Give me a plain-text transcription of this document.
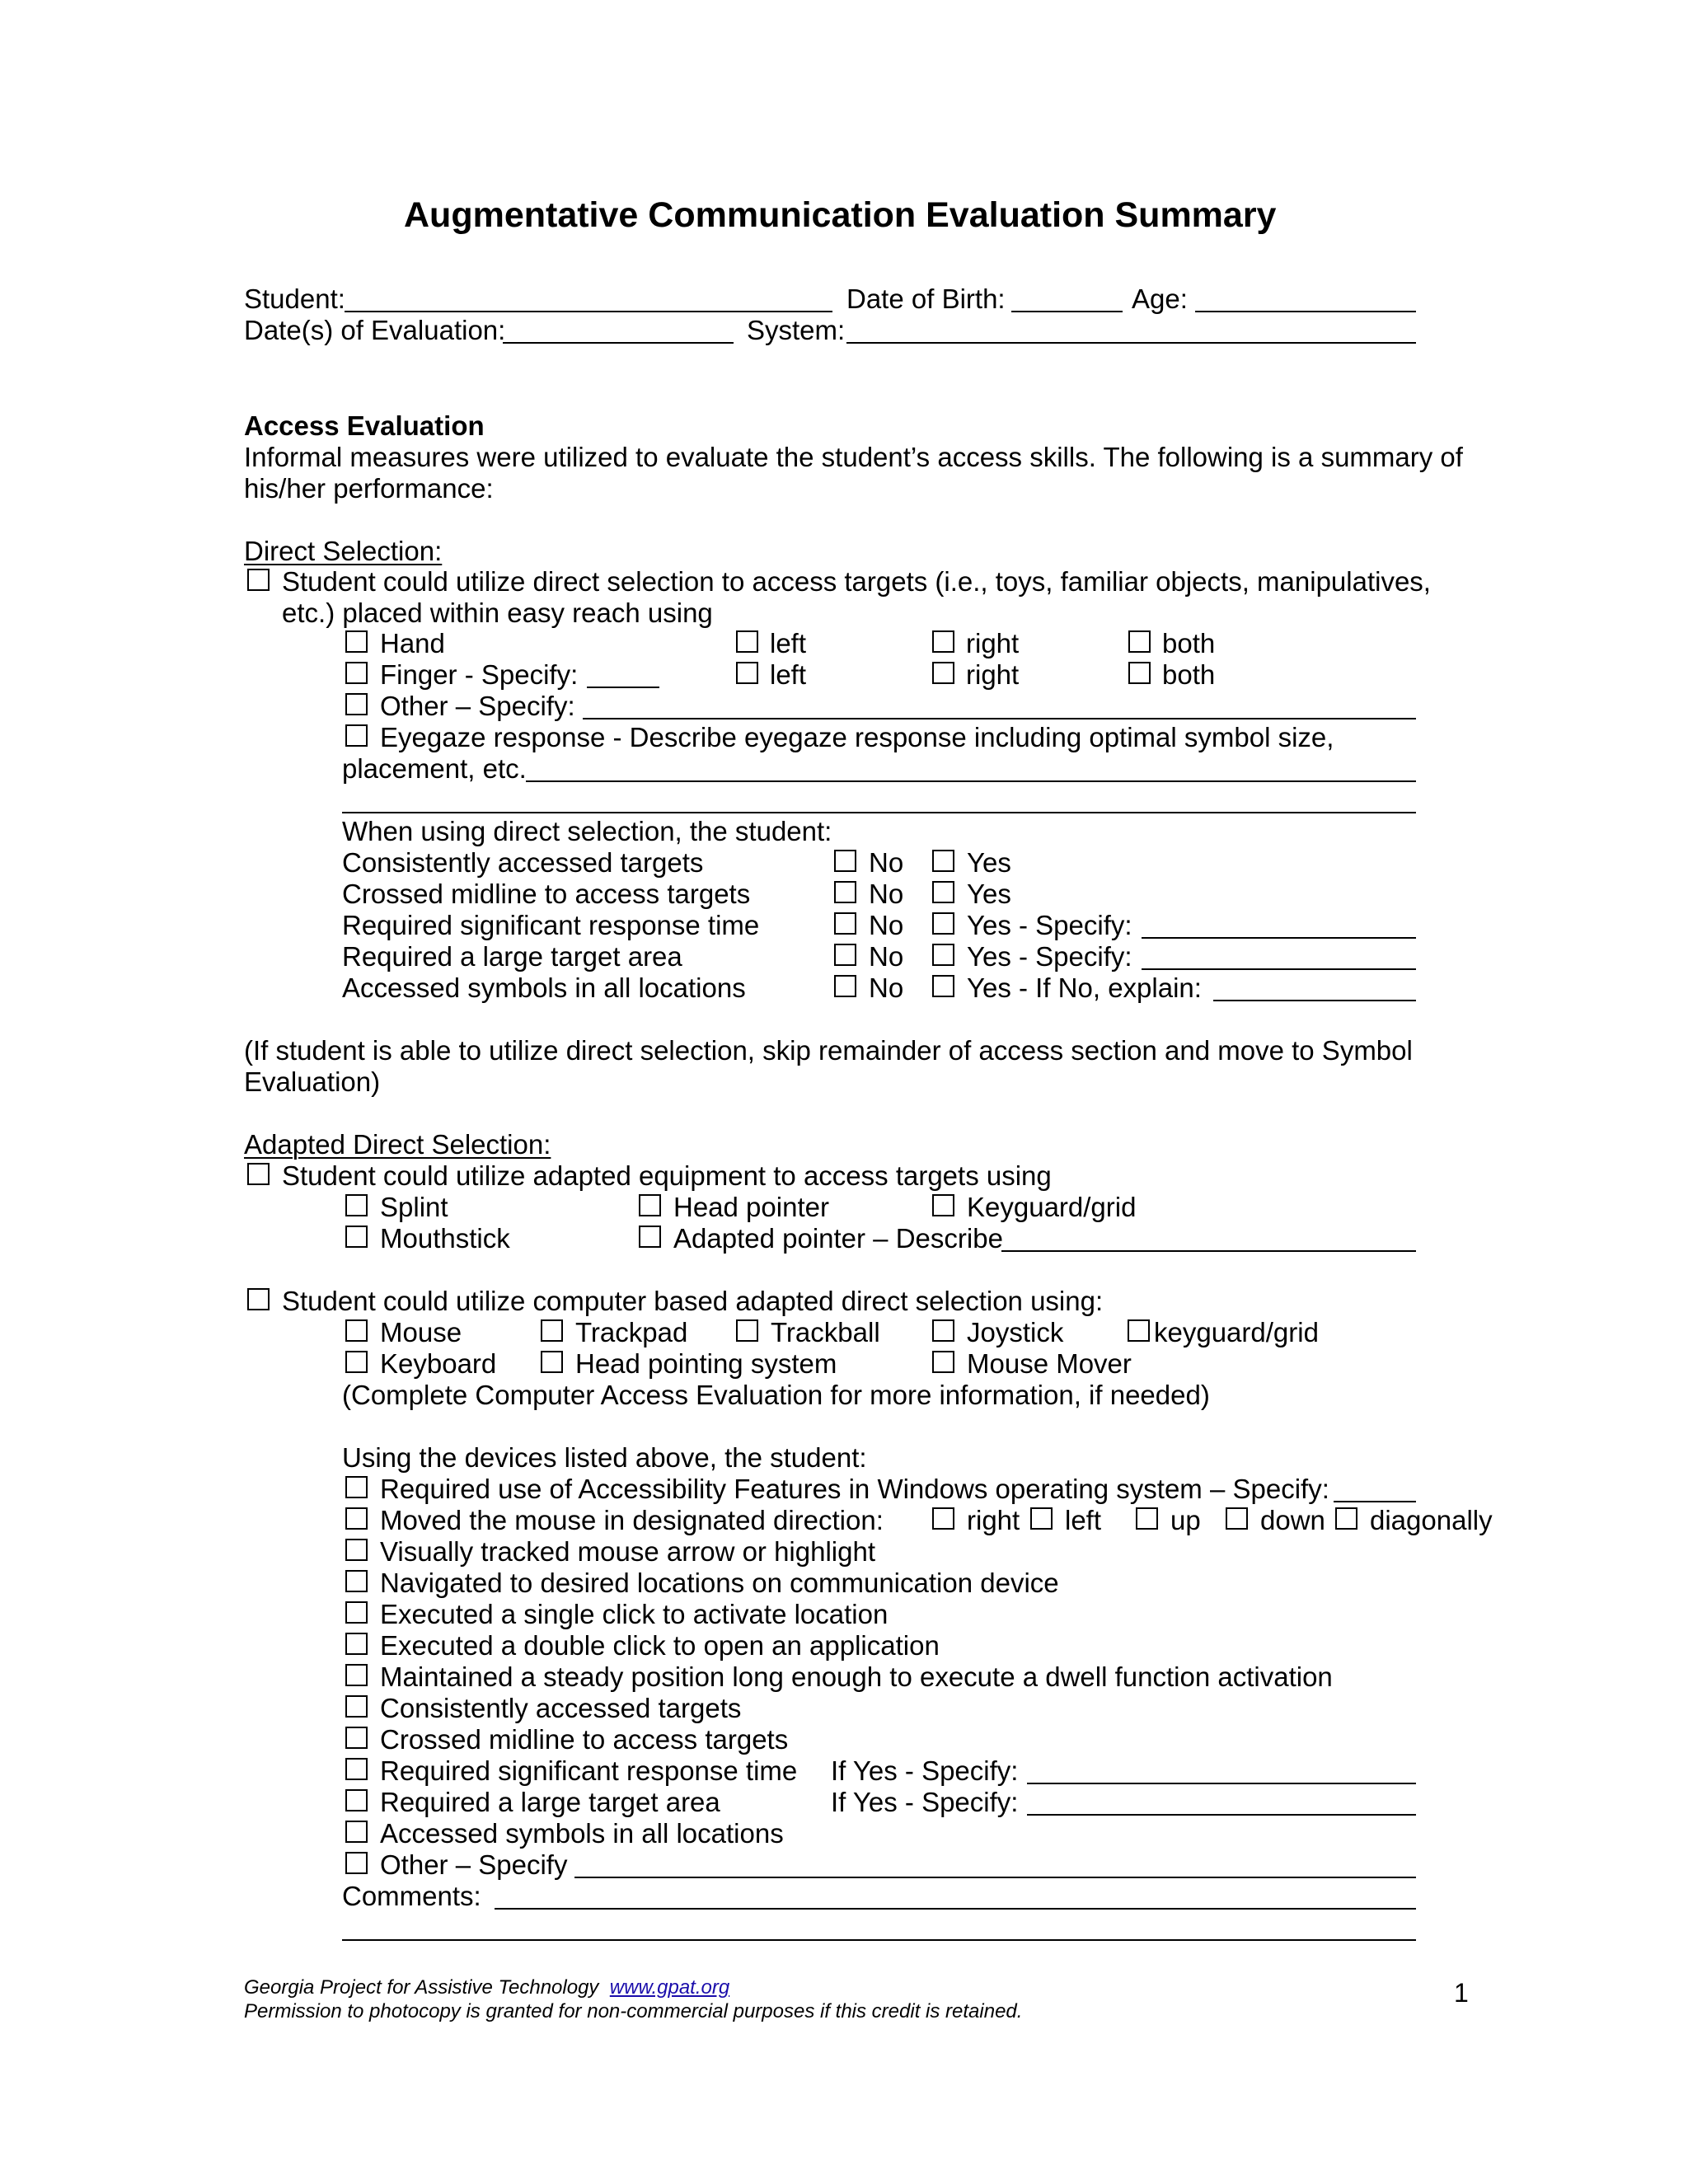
Augmentative Communication Evaluation Summary
Student:	Date of Birth:	Age:
Date(s) of Evaluation:	System:
Access Evaluation
Informal measures were utilized to evaluate the student’s access skills. The following is a summary of
his/her performance:
Direct Selection:
Student could utilize direct selection to access targets (i.e., toys, familiar objects, manipulatives,
etc.) placed within easy reach using
Hand	left	right	both
Finger - Specify:	left	right	both
Other – Specify:
Eyegaze response - Describe eyegaze response including optimal symbol size,
placement, etc.
When using direct selection, the student:
Consistently accessed targets	No Yes
Crossed midline to access targets	No Yes
Required significant response time	No Yes - Specify:
Required a large target area	No Yes - Specify:
Accessed symbols in all locations	No Yes - If No, explain:
(If student is able to utilize direct selection, skip remainder of access section and move to Symbol
Evaluation)
Adapted Direct Selection:
Student could utilize adapted equipment to access targets using
Splint	Head pointer	Keyguard/grid
Mouthstick	Adapted pointer – Describe
Student could utilize computer based adapted direct selection using:
Mouse	Trackpad	Trackball	Joystick	keyguard/grid
Keyboard	Head pointing system	Mouse Mover
(Complete Computer Access Evaluation for more information, if needed)
Using the devices listed above, the student:
Required use of Accessibility Features in Windows operating system – Specify:
Moved the mouse in designated direction:	right left	up down diagonally
Visually tracked mouse arrow or highlight
Navigated to desired locations on communication device
Executed a single click to activate location
Executed a double click to open an application
Maintained a steady position long enough to execute a dwell function activation
Consistently accessed targets
Crossed midline to access targets
Required significant response time If Yes - Specify:
Required a large target area	If Yes - Specify:
Accessed symbols in all locations
Other – Specify
Comments:
Georgia Project for Assistive Technology www.gpat.org
Permission to photocopy is granted for non-commercial purposes if this credit is retained.
1
